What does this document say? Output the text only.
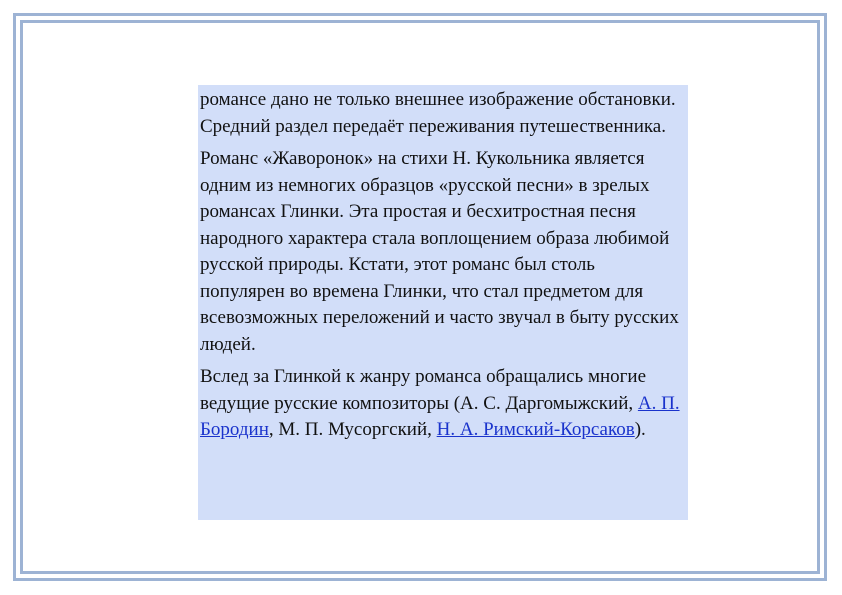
романсе дано не только внешнее изображение обстановки. Средний раздел передаёт переживания путешественника.

Романс «Жаворонок» на стихи Н. Кукольника является одним из немногих образцов «русской песни» в зрелых романсах Глинки. Эта простая и бесхитростная песня народного характера стала воплощением образа любимой русской природы. Кстати, этот романс был столь популярен во времена Глинки, что стал предметом для всевозможных переложений и часто звучал в быту русских людей.

Вслед за Глинкой к жанру романса обращались многие ведущие русские композиторы (А. С. Даргомыжский, А. П. Бородин, М. П. Мусоргский, Н. А. Римский-Корсаков).
